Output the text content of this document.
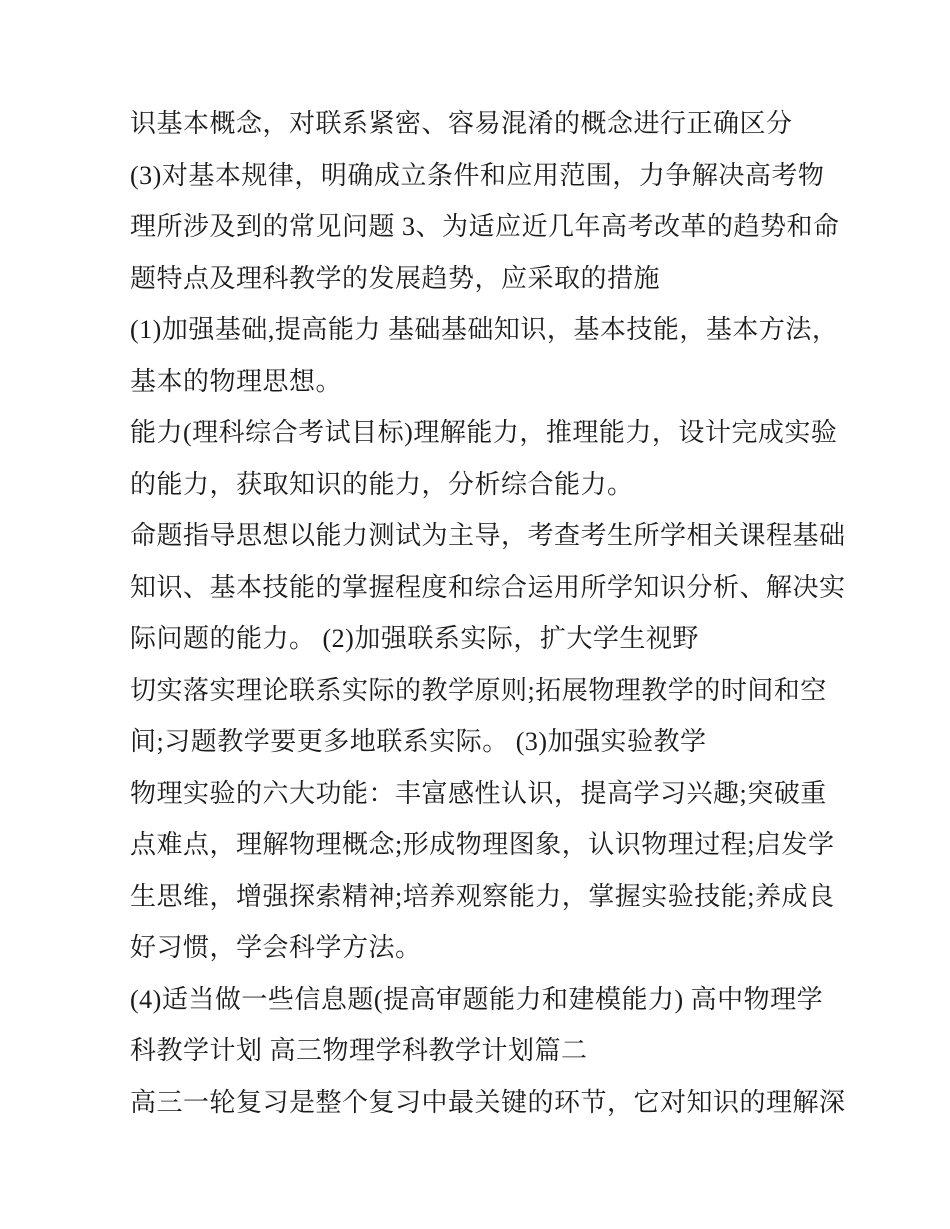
识基本概念，对联系紧密、容易混淆的概念进行正确区分
(3)对基本规律，明确成立条件和应用范围，力争解决高考物
理所涉及到的常见问题 3、为适应近几年高考改革的趋势和命
题特点及理科教学的发展趋势，应采取的措施
(1)加强基础,提高能力 基础基础知识，基本技能，基本方法，
基本的物理思想。
能力(理科综合考试目标)理解能力，推理能力，设计完成实验
的能力，获取知识的能力，分析综合能力。
命题指导思想以能力测试为主导，考查考生所学相关课程基础
知识、基本技能的掌握程度和综合运用所学知识分析、解决实
际问题的能力。 (2)加强联系实际，扩大学生视野
切实落实理论联系实际的教学原则;拓展物理教学的时间和空
间;习题教学要更多地联系实际。 (3)加强实验教学
物理实验的六大功能：丰富感性认识，提高学习兴趣;突破重
点难点，理解物理概念;形成物理图象，认识物理过程;启发学
生思维，增强探索精神;培养观察能力，掌握实验技能;养成良
好习惯，学会科学方法。
(4)适当做一些信息题(提高审题能力和建模能力) 高中物理学
科教学计划 高三物理学科教学计划篇二
高三一轮复习是整个复习中最关键的环节，它对知识的理解深
